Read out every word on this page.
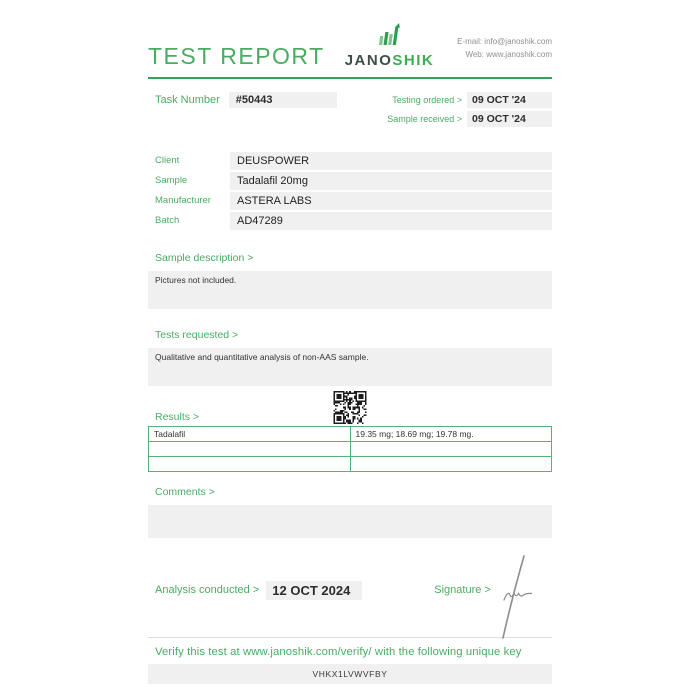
TEST REPORT JANOSHIK
E-mail: info@janoshik.com
Web: www.janoshik.com
Task Number	#50443	Testing ordered > 09 OCT '24
Sample received > 09 OCT '24
Client	DEUSPOWER
Sample	Tadalafil 20mg
Manufacturer	ASTERA LABS
Batch	AD47289
Sample description >
Pictures not included.
Tests requested >
Qualitative and quantitative analysis of non-AAS sample.
Results >
Tadalafil	19.35 mg; 18.69 mg; 19.78 mg.

Comments >
Analysis conducted >	12 OCT 2024	Signature >
Verify this test at www.janoshik.com/verify/ with the following unique key
VHKX1LVWVFBY
